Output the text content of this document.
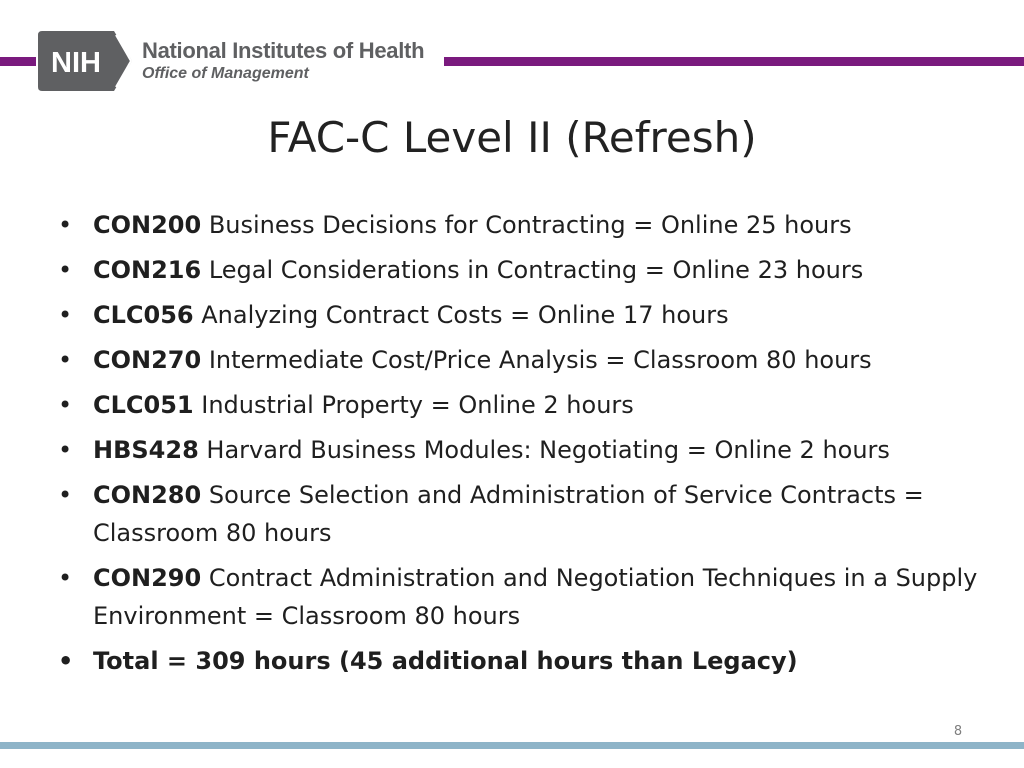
NIH National Institutes of Health
Office of Management
FAC-C Level II (Refresh)
• CON200 Business Decisions for Contracting = Online 25 hours
• CON216 Legal Considerations in Contracting = Online 23 hours
• CLC056 Analyzing Contract Costs = Online 17 hours
• CON270 Intermediate Cost/Price Analysis = Classroom 80 hours
• CLC051 Industrial Property = Online 2 hours
• HBS428 Harvard Business Modules: Negotiating = Online 2 hours
• CON280 Source Selection and Administration of Service Contracts = Classroom 80 hours
• CON290 Contract Administration and Negotiation Techniques in a Supply Environment = Classroom 80 hours
• Total = 309 hours (45 additional hours than Legacy)
8
